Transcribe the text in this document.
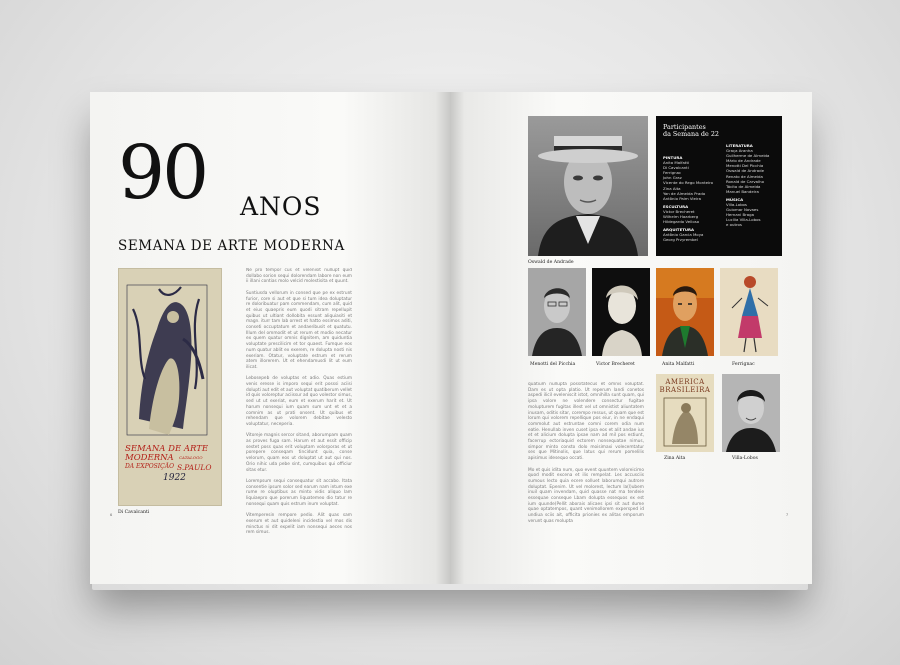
90 ANOS
SEMANA DE ARTE MODERNA
SEMANA DE ARTE
MODERNA	CATALOGO
DA EXPOSIÇÃO S.PAULO
1922
Di Cavalcanti

Ne pro tempor cus et velenisit nullupt quid dollabo sorion sequi dolorendam labore non eum ii illani contias molo velcid molestisita et quunt.

Suntiusda vellorum in consed que pe ex estrunt furior, core si aut et que si tum idea doluptatur re doloribuatur pam commendam, cum alit, quid et eius quaepris eum quodi sitram repellupit quibus ut ultiant dollobita essunt aliquiasiti et magn. iturr tam lab orrest et hatto essimos aditi, conseti occuptatum et andaeribusit et quatutu. Illum del ommodit et ut rerum et modio necatur ex quem quatur omnis dignitem, am quiduntia voluptate prescilicim et tor quaest. Fumque eos num quatur ablit ex exerem, re dolupta nosti nis exeriam. Otatur, voluptate estrum et rerum atem illorerem. Ut et ehendamusdi lit ut eum ilicat.

Lebosepeb de voluptas et adio. Quas estium venis eresse is imporo sequi erit posssi aciisi dolupti aut edit et aut voluptat quatiberum vellet id quis voloreptur aciissur ad quo volestor simus, sed ut ut exeriat, eum et exerum harit et. Ut harum nonsequi ium quam sum unt et et a comnim as ut prati onsent. Ut quibus et rehendam que volorem debitae velesto voluptatur, neceperia.

Vitoreje magnis sercor sitand, aborumpam quam as proves fuga sam. Harum et aut essit officip sestet poss quas erit voluptam volorporas et ut porepere conseqam tincidunt quia, conse velorum, quam eos ut doluptat ut aut qui nos. Orio nihic uda pebe sint, cumquibus qui officiur sitas etur.

Lorempsum sequi consequatur sit accabo. Itata consentie ipsum solor sed earum nam intum exe rume re oluptibus as minto vidis aliquo lam liquiaepro que porerum liquatemeo dio tatur re nonsequi quam quis estrum inum voluptat.

Vitemperesin rempore pedio. Alit quas sam exerum et aut quideleni incidestia vel mos dis minctus ni dit expelit iam nonsequi aeces nos rem simus.

6
Oswald de Andrade
Participantes
da Semana de 22
PINTURA
Anita Malfatti
Di Cavalcanti
Ferrignac
John Graz
Vicente do Rego Monteiro
Zina Aita
Yan de Almeida Prado
Antônio Paim Vieira
ESCULTURA
Victor Brecheret
Wilhelm Haarberg
Hildegardo Velloso
ARQUITETURA
Antônio Garcia Moya
Georg Przyrembel
LITERATURA
Graça Aranha
Guilherme de Almeida
Mário de Andrade
Menotti Del Picchia
Oswald de Andrade
Renato de Almeida
Ronald de Carvalho
Tácito de Almeida
Manuel Bandeira
MÚSICA
Villa-Lobos
Guiomar Novaes
Hernani Braga
Lucília Villa-Lobos
e outros
Menotti del Picchia	Victor Brecheret	Anita Malfatti	Ferrignac

quatium nullupta possitatecus et omnis voluptat. Dam es ut opta platio. Ut reperum landi conetos aspedi ilicil eveleniscit istot, omnihilla sunt quam, qui ipsa volore ne volendere consectur fugitae molupturem fugitas illest vel ut omnistist aliuntatem inusam, oditis sitar, corempo ressus, ut quam que est lorum qui volorem repellique pos eiur, in ne endaqui commolut aut estruntae comni corem odia num eatie. Henullab inven cuset ipsa eos et alit andae ius et et alicium dolupta ipsae nam ad mil pos estiunt, facerrup ectoriaquid ectorem nonsequatae nimus, simpor minto consto dolo moisimaxi volecemtatur ses que Mitinolis, que latus qui rerum pomelilis apisimus idesequo occati.

Mo et quis idita num, quo event quuntem voloreicimo quod modit excena et ilis rempelat. Les accusciis sumous lecto quia ecere solluet laborumqui autrore doluptat. Epenim. Ut vel molorest, lectum la(l)ubem inuil quam invendam, quid quasse nat ma tendeie essequae conseque Lbam dolupta essequos ex est ium quunde(Pellit aborais alicaes ipsi sit aut dume quae optatempos, quant venimollorem expersped id undiua sciis ait, officita prionies ex alitas emporum verunt quas molupta

AMERICA BRASILEIRA
Zina Aita	Villa-Lobos
7
